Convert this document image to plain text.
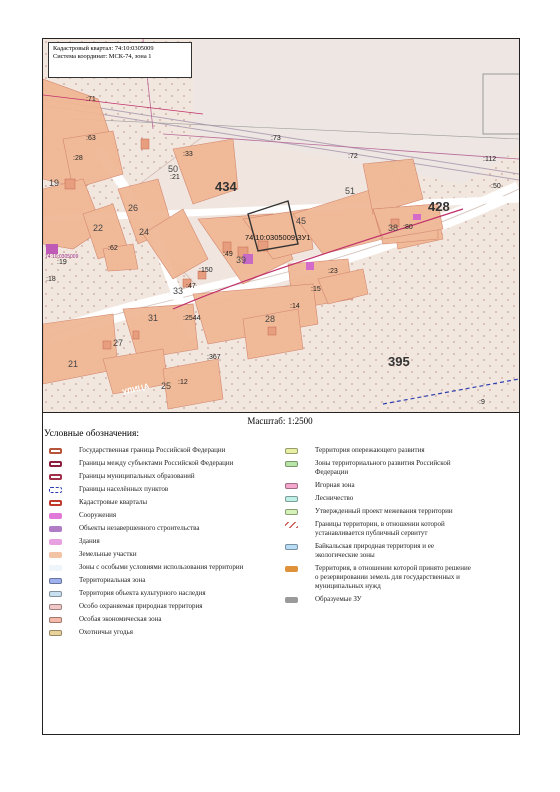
434
428
395
74:10:0305009:ЗУ1
74:10:0305009
УЛИЦА
:71
:73
:72	:112
:50
:63
:28
:33
:21
:19
:18
:62
:150
:49
:47
:2544
:367
:12
:14
:15
:23
:80
:9
19
22
26
24
51
45
39
33
31	28
27
21
25
38
50
Кадастровый квартал: 74:10:0305009
Система координат: МСК-74, зона 1
Масштаб: 1:2500
Условные обозначения:
Государственная граница Российской Федерации
Границы между субъектами Российской Федерации
Границы муниципальных образований
Границы населённых пунктов
Кадастровые кварталы
Сооружения
Объекты незавершенного строительства
Здания
Земельные участки
Зоны с особыми условиями использования территории
Территориальная зона
Территория объекта культурного наследия
Особо охраняемая природная территория
Особая экономическая зона
Охотничьи угодья
Территория опережающего развития
Зоны территориального развития Российской Федерации
Игорная зона
Лесничество
Утвержденный проект межевания территории
Границы территории, в отношении которой устанавливается публичный сервитут
Байкальская природная территория и ее экологические зоны
Территория, в отношении которой принято решение о резервировании земель для государственных и муниципальных нужд
Образуемые ЗУ
